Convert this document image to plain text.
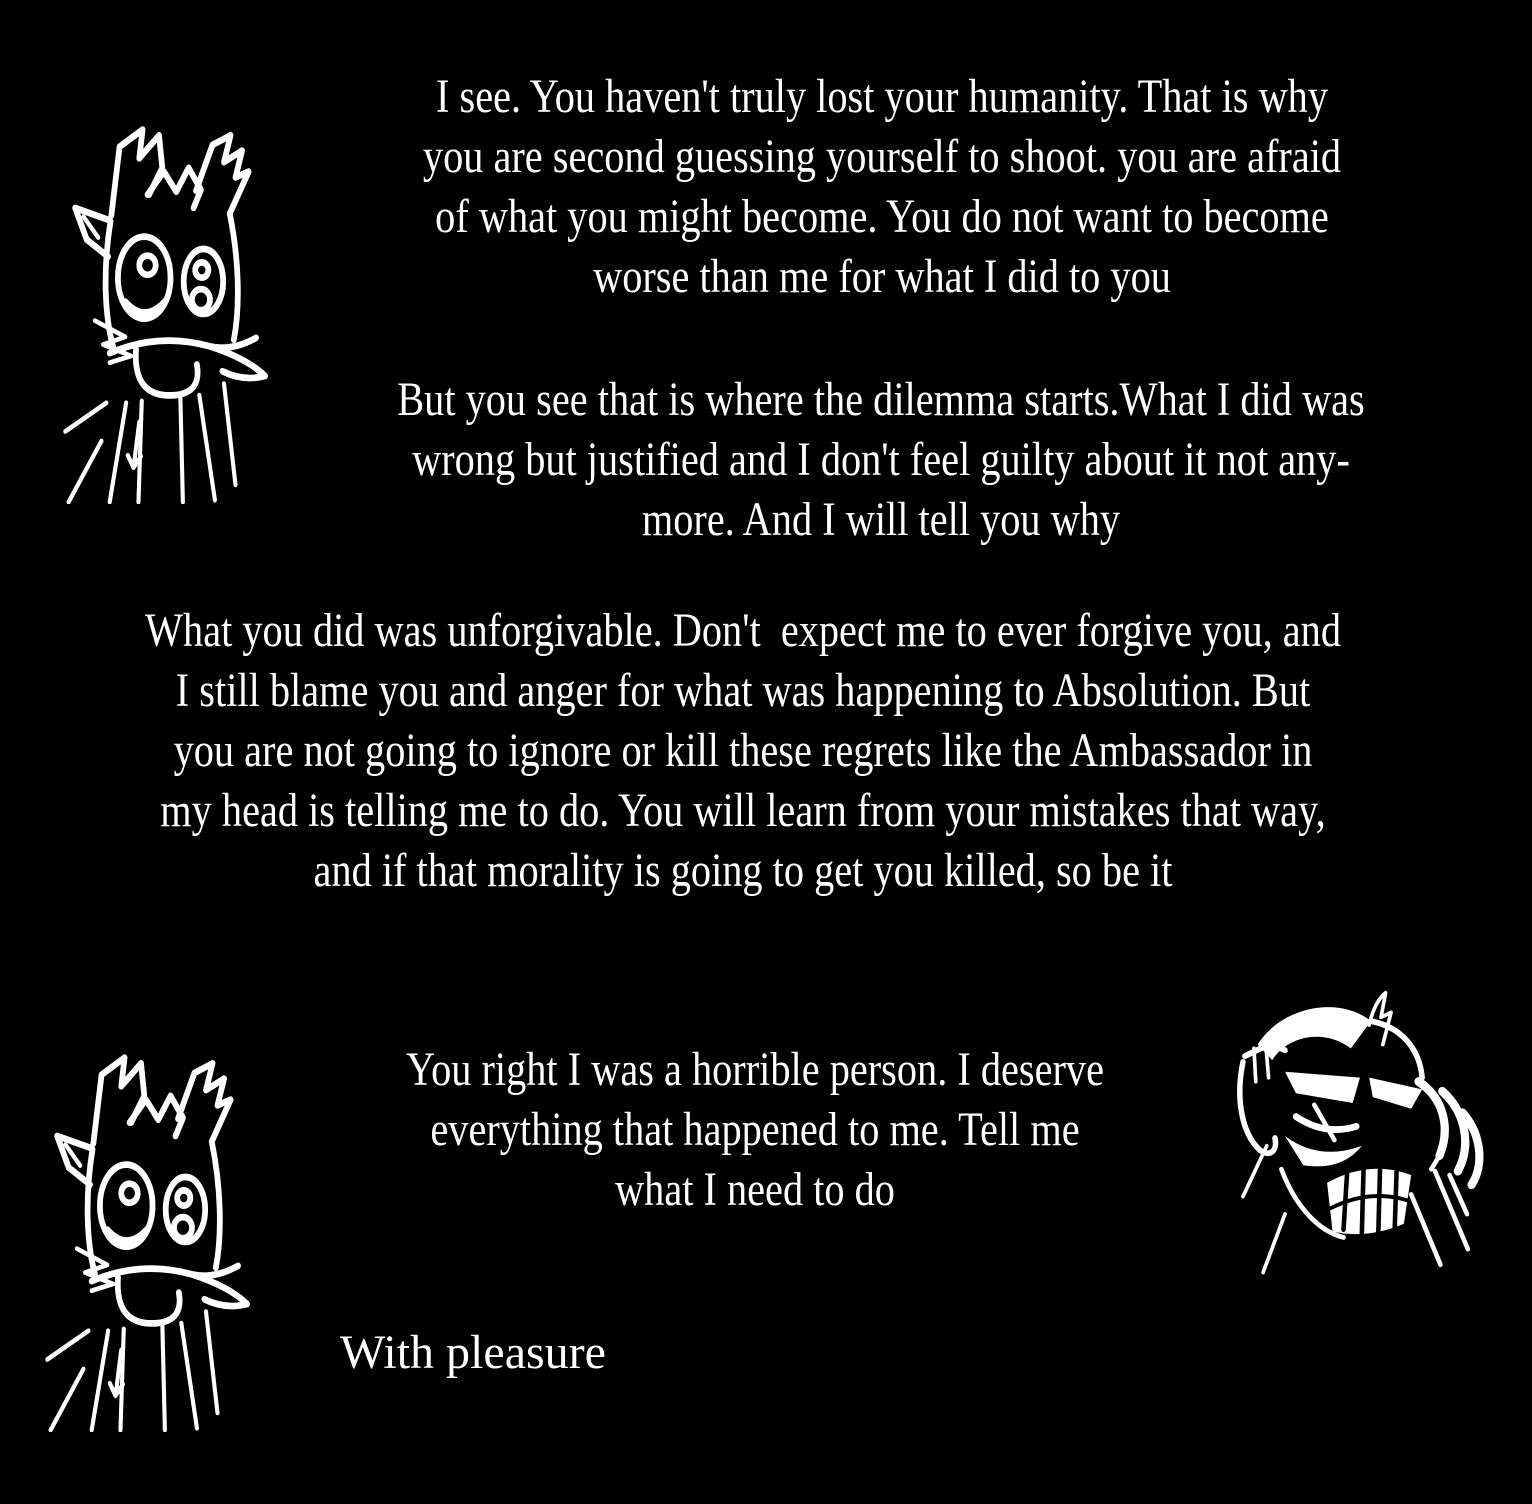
I see. You haven't truly lost your humanity. That is why
you are second guessing yourself to shoot. you are afraid
of what you might become. You do not want to become
worse than me for what I did to you
But you see that is where the dilemma starts.What I did was
wrong but justified and I don't feel guilty about it not any-
more. And I will tell you why
What you did was unforgivable. Don't  expect me to ever forgive you, and
I still blame you and anger for what was happening to Absolution. But
you are not going to ignore or kill these regrets like the Ambassador in
my head is telling me to do. You will learn from your mistakes that way,
and if that morality is going to get you killed, so be it
You right I was a horrible person. I deserve
everything that happened to me. Tell me
what I need to do
With pleasure
